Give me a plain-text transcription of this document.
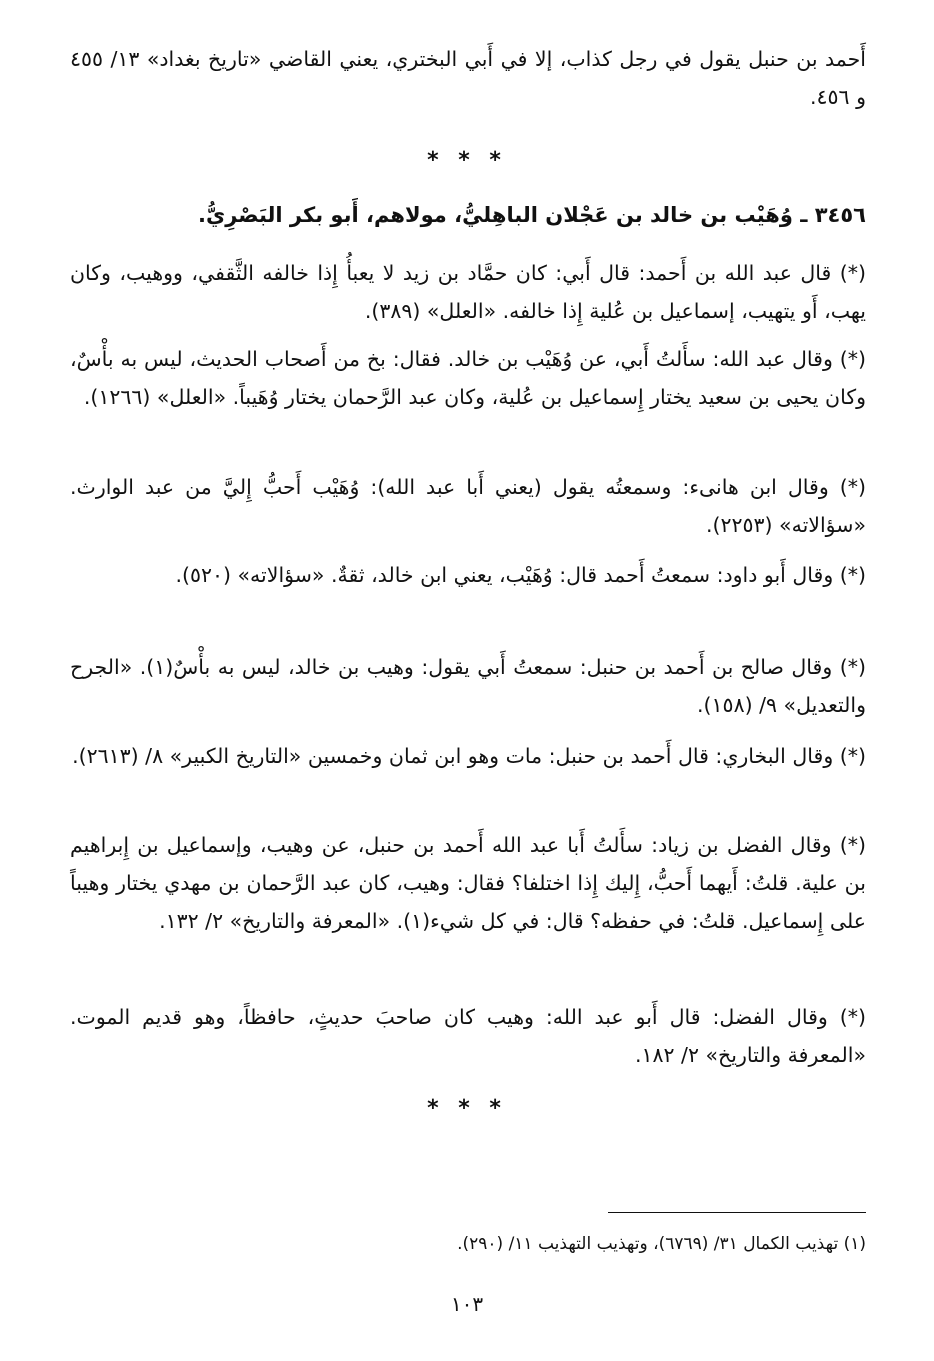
أَحمد بن حنبل يقول في رجل كذاب، إلا في أَبي البختري، يعني القاضي «تاريخ بغداد» ١٣/ ٤٥٥ و ٤٥٦.
* * *
٣٤٥٦ ـ وُهَيْب بن خالد بن عَجْلان الباهِليُّ، مولاهم، أَبو بكر البَصْرِيُّ.
(*) قال عبد الله بن أَحمد: قال أَبي: كان حمَّاد بن زيد لا يعبأُ إِذا خالفه الثَّقفي، ووهيب، وكان يهب، أَو يتهيب، إسماعيل بن عُلية إِذا خالفه. «العلل» (٣٨٩).
(*) وقال عبد الله: سأَلتُ أَبي، عن وُهَيْب بن خالد. فقال: بخ من أَصحاب الحديث، ليس به بأْسٌ، وكان يحيى بن سعيد يختار إِسماعيل بن عُلية، وكان عبد الرَّحمان يختار وُهَيباً. «العلل» (١٢٦٦).
(*) وقال ابن هانىء: وسمعتُه يقول (يعني أَبا عبد الله): وُهَيْب أَحبُّ إِليَّ من عبد الوارث. «سؤالاته» (٢٢٥٣).
(*) وقال أَبو داود: سمعتُ أَحمد قال: وُهَيْب، يعني ابن خالد، ثقةٌ. «سؤالاته» (٥٢٠).
(*) وقال صالح بن أَحمد بن حنبل: سمعتُ أَبي يقول: وهيب بن خالد، ليس به بأْسٌ(١). «الجرح والتعديل» ٩/ (١٥٨).
(*) وقال البخاري: قال أَحمد بن حنبل: مات وهو ابن ثمان وخمسين «التاريخ الكبير» ٨/ (٢٦١٣).
(*) وقال الفضل بن زياد: سأَلتُ أَبا عبد الله أَحمد بن حنبل، عن وهيب، وإسماعيل بن إِبراهيم بن علية. قلتُ: أَيهما أَحبُّ، إِليك إِذا اختلفا؟ فقال: وهيب، كان عبد الرَّحمان بن مهدي يختار وهيباً على إِسماعيل. قلتُ: في حفظه؟ قال: في كل شيء(١). «المعرفة والتاريخ» ٢/ ١٣٢.
(*) وقال الفضل: قال أَبو عبد الله: وهيب كان صاحبَ حديثٍ، حافظاً، وهو قديم الموت. «المعرفة والتاريخ» ٢/ ١٨٢.
* * *
(١) تهذيب الكمال ٣١/ (٦٧٦٩)، وتهذيب التهذيب ١١/ (٢٩٠).
١٠٣
